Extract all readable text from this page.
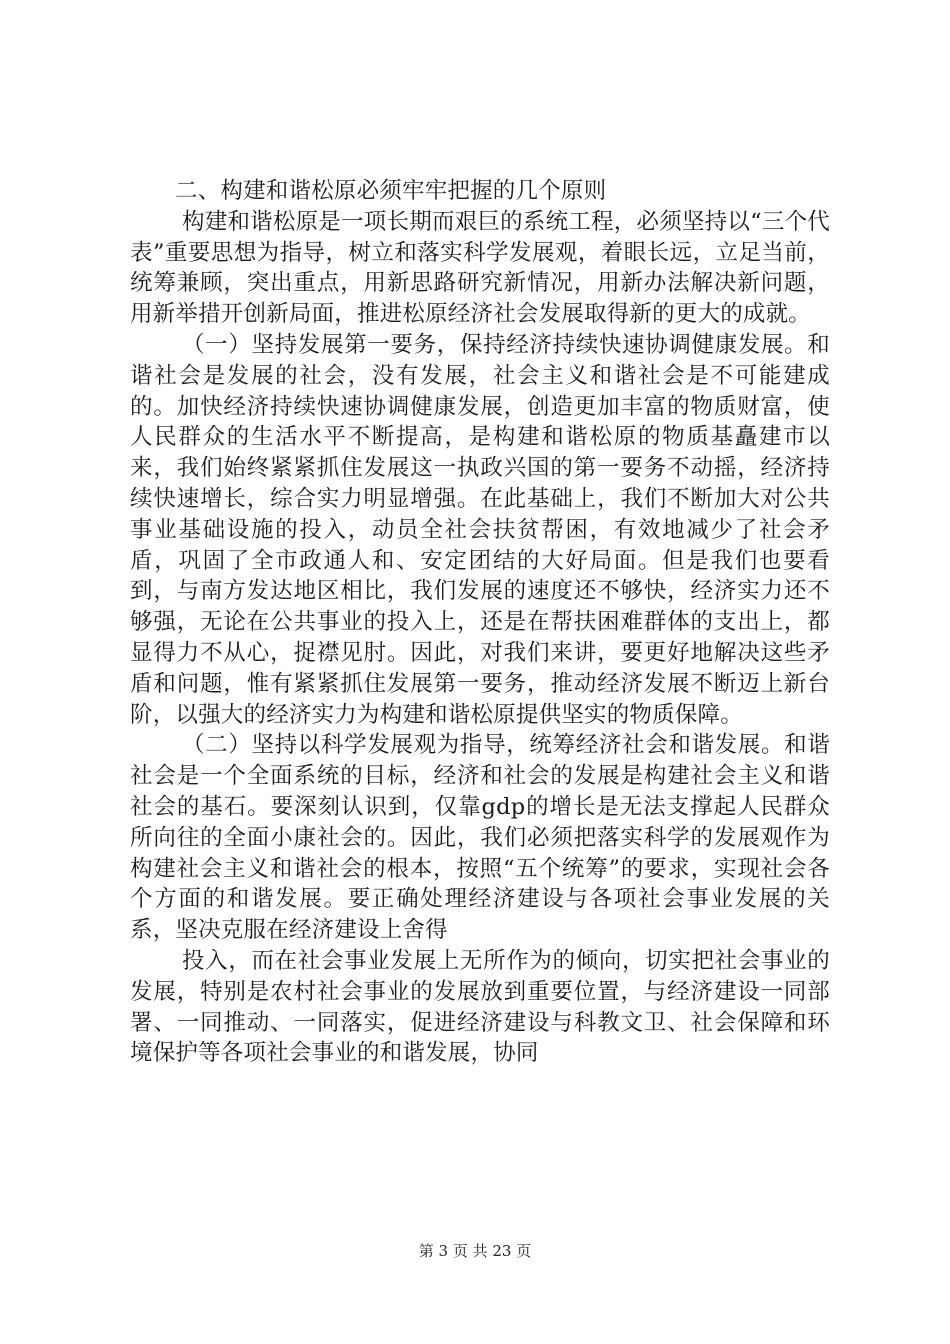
二、构建和谐松原必须牢牢把握的几个原则

构建和谐松原是一项长期而艰巨的系统工程，必须坚持以“三个代表”重要思想为指导，树立和落实科学发展观，着眼长远，立足当前，统筹兼顾，突出重点，用新思路研究新情况，用新办法解决新问题，用新举措开创新局面，推进松原经济社会发展取得新的更大的成就。

（一）坚持发展第一要务，保持经济持续快速协调健康发展。和谐社会是发展的社会，没有发展，社会主义和谐社会是不可能建成的。加快经济持续快速协调健康发展，创造更加丰富的物质财富，使人民群众的生活水平不断提高，是构建和谐松原的物质基矗建市以来，我们始终紧紧抓住发展这一执政兴国的第一要务不动摇，经济持续快速增长，综合实力明显增强。在此基础上，我们不断加大对公共事业基础设施的投入，动员全社会扶贫帮困，有效地减少了社会矛盾，巩固了全市政通人和、安定团结的大好局面。但是我们也要看到，与南方发达地区相比，我们发展的速度还不够快，经济实力还不够强，无论在公共事业的投入上，还是在帮扶困难群体的支出上，都显得力不从心，捉襟见肘。因此，对我们来讲，要更好地解决这些矛盾和问题，惟有紧紧抓住发展第一要务，推动经济发展不断迈上新台阶，以强大的经济实力为构建和谐松原提供坚实的物质保障。

（二）坚持以科学发展观为指导，统筹经济社会和谐发展。和谐社会是一个全面系统的目标，经济和社会的发展是构建社会主义和谐社会的基石。要深刻认识到，仅靠gdp的增长是无法支撑起人民群众所向往的全面小康社会的。因此，我们必须把落实科学的发展观作为构建社会主义和谐社会的根本，按照“五个统筹”的要求，实现社会各个方面的和谐发展。要正确处理经济建设与各项社会事业发展的关系，坚决克服在经济建设上舍得

投入，而在社会事业发展上无所作为的倾向，切实把社会事业的发展，特别是农村社会事业的发展放到重要位置，与经济建设一同部署、一同推动、一同落实，促进经济建设与科教文卫、社会保障和环境保护等各项社会事业的和谐发展，协同

第 3 页 共 23 页
